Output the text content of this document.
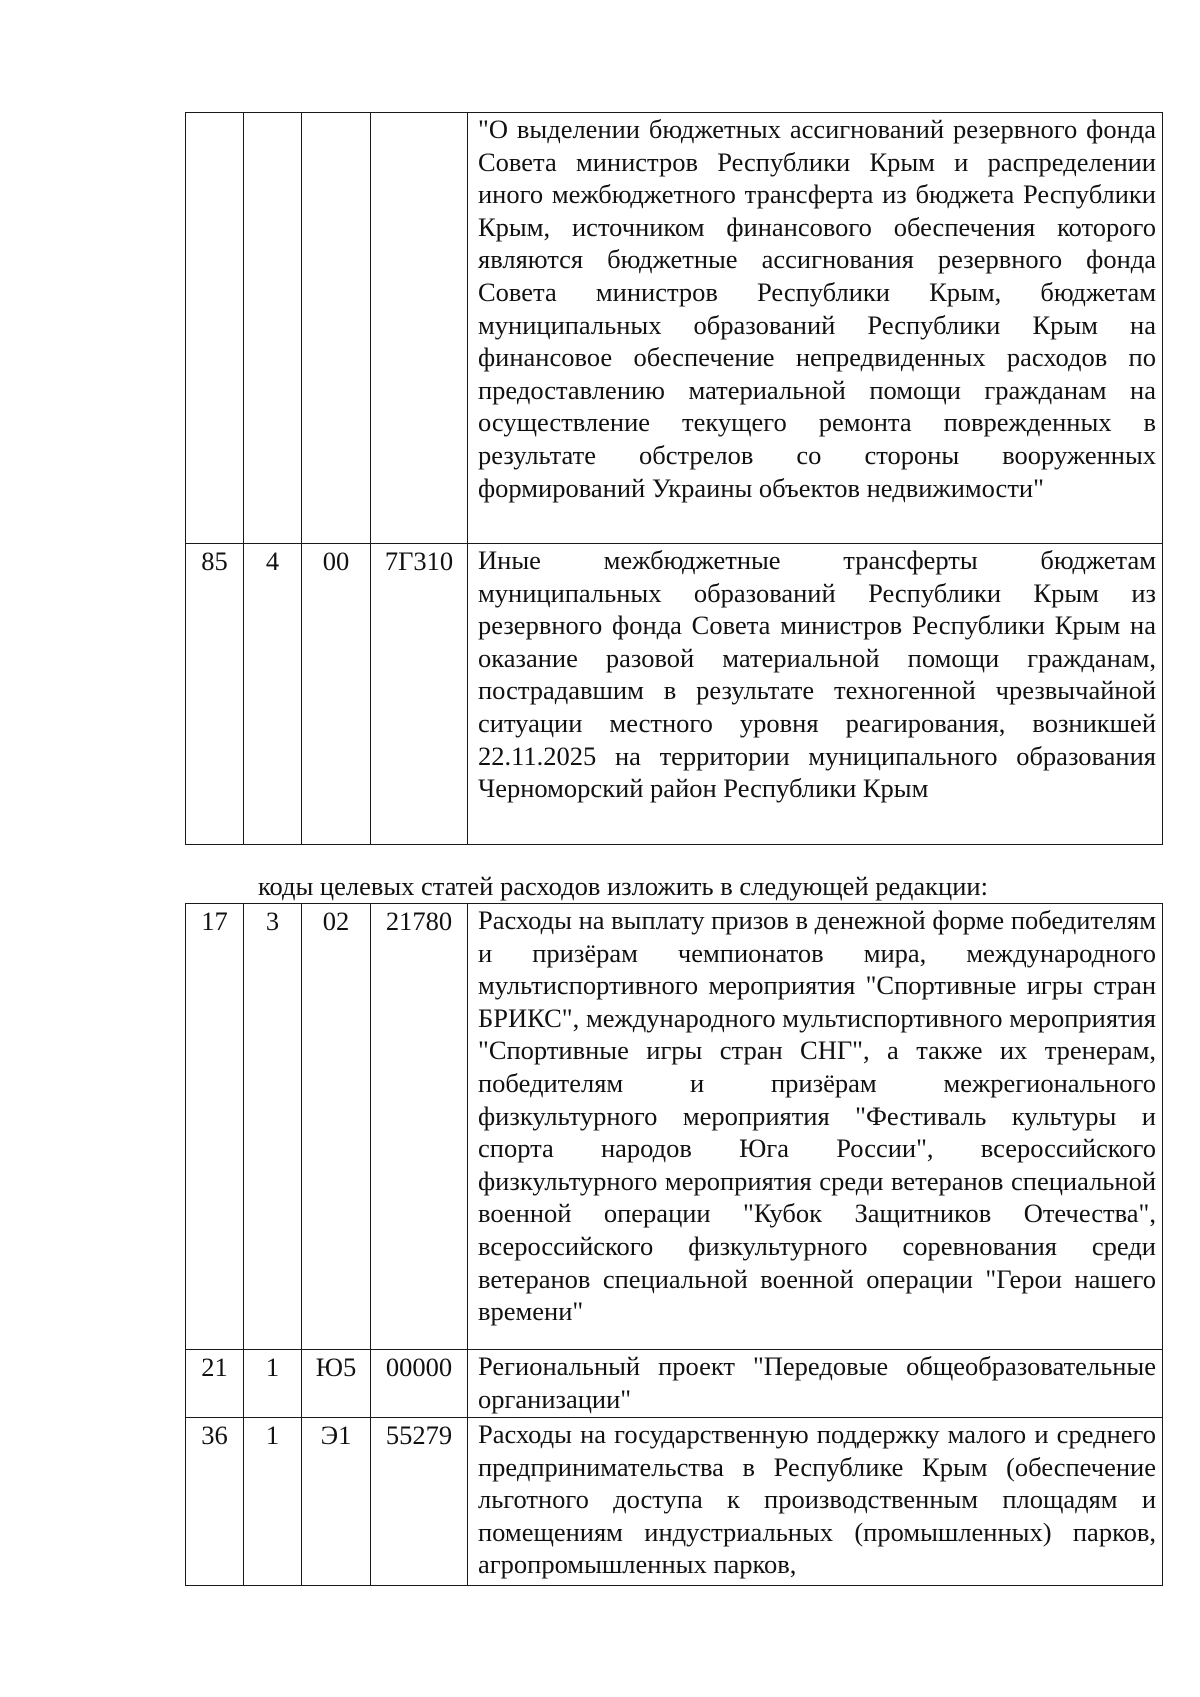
				"О выделении бюджетных ассигнований резервного фонда Совета министров Республики Крым и распределении иного межбюджетного трансферта из бюджета Республики Крым, источником финансового обеспечения которого являются бюджетные ассигнования резервного фонда Совета министров Республики Крым, бюджетам муниципальных образований Республики Крым на финансовое обеспечение непредвиденных расходов по предоставлению материальной помощи гражданам на осуществление текущего ремонта поврежденных в результате обстрелов со стороны вооруженных формирований Украины объектов недвижимости"

85	4	00	7Г310	Иные межбюджетные трансферты бюджетам муниципальных образований Республики Крым из резервного фонда Совета министров Республики Крым на оказание разовой материальной помощи гражданам, пострадавшим в результате техногенной чрезвычайной ситуации местного уровня реагирования, возникшей 22.11.2025 на территории муниципального образования Черноморский район Республики Крым
коды целевых статей расходов изложить в следующей редакции:
17	3	02	21780	Расходы на выплату призов в денежной форме победителям и призёрам чемпионатов мира, международного мультиспортивного мероприятия "Спортивные игры стран БРИКС", международного мультиспортивного мероприятия "Спортивные игры стран СНГ", а также их тренерам, победителям и призёрам межрегионального физкультурного мероприятия "Фестиваль культуры и спорта народов Юга России", всероссийского физкультурного мероприятия среди ветеранов специальной военной операции "Кубок Защитников Отечества", всероссийского физкультурного соревнования среди ветеранов специальной военной операции "Герои нашего времени"

21	1	Ю5	00000	Региональный проект "Передовые общеобразовательные организации"

36	1	Э1	55279	Расходы на государственную поддержку малого и среднего предпринимательства в Республике Крым (обеспечение льготного доступа к производственным площадям и помещениям индустриальных (промышленных) парков, агропромышленных парков,
